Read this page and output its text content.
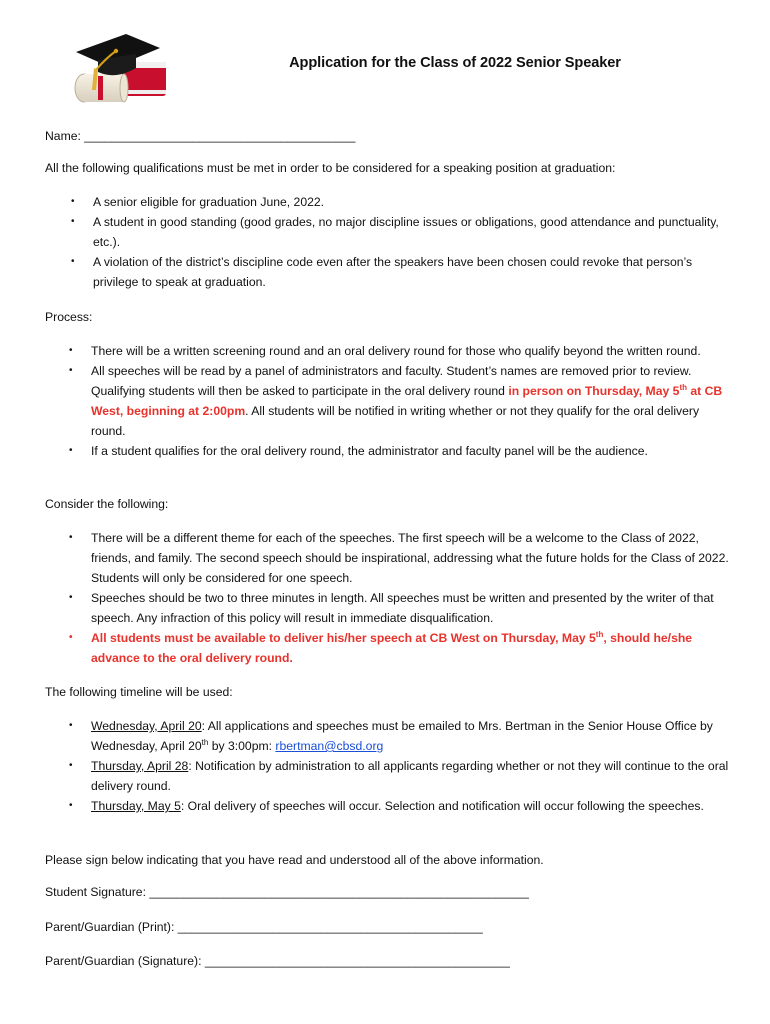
Application for the Class of 2022 Senior Speaker

Name: ________________________________________

All the following qualifications must be met in order to be considered for a speaking position at graduation:

• A senior eligible for graduation June, 2022.
• A student in good standing (good grades, no major discipline issues or obligations, good attendance and punctuality, etc.).
• A violation of the district’s discipline code even after the speakers have been chosen could revoke that person’s privilege to speak at graduation.

Process:

• There will be a written screening round and an oral delivery round for those who qualify beyond the written round.
• All speeches will be read by a panel of administrators and faculty. Student’s names are removed prior to review. Qualifying students will then be asked to participate in the oral delivery round in person on Thursday, May 5th at CB West, beginning at 2:00pm. All students will be notified in writing whether or not they qualify for the oral delivery round.
• If a student qualifies for the oral delivery round, the administrator and faculty panel will be the audience.

Consider the following:

• There will be a different theme for each of the speeches. The first speech will be a welcome to the Class of 2022, friends, and family. The second speech should be inspirational, addressing what the future holds for the Class of 2022. Students will only be considered for one speech.
• Speeches should be two to three minutes in length. All speeches must be written and presented by the writer of that speech. Any infraction of this policy will result in immediate disqualification.
• All students must be available to deliver his/her speech at CB West on Thursday, May 5th, should he/she advance to the oral delivery round.

The following timeline will be used:

• Wednesday, April 20: All applications and speeches must be emailed to Mrs. Bertman in the Senior House Office by Wednesday, April 20th by 3:00pm: rbertman@cbsd.org
• Thursday, April 28: Notification by administration to all applicants regarding whether or not they will continue to the oral delivery round.
• Thursday, May 5: Oral delivery of speeches will occur. Selection and notification will occur following the speeches.

Please sign below indicating that you have read and understood all of the above information.

Student Signature: ________________________________________________________

Parent/Guardian (Print): _____________________________________________

Parent/Guardian (Signature): _____________________________________________
